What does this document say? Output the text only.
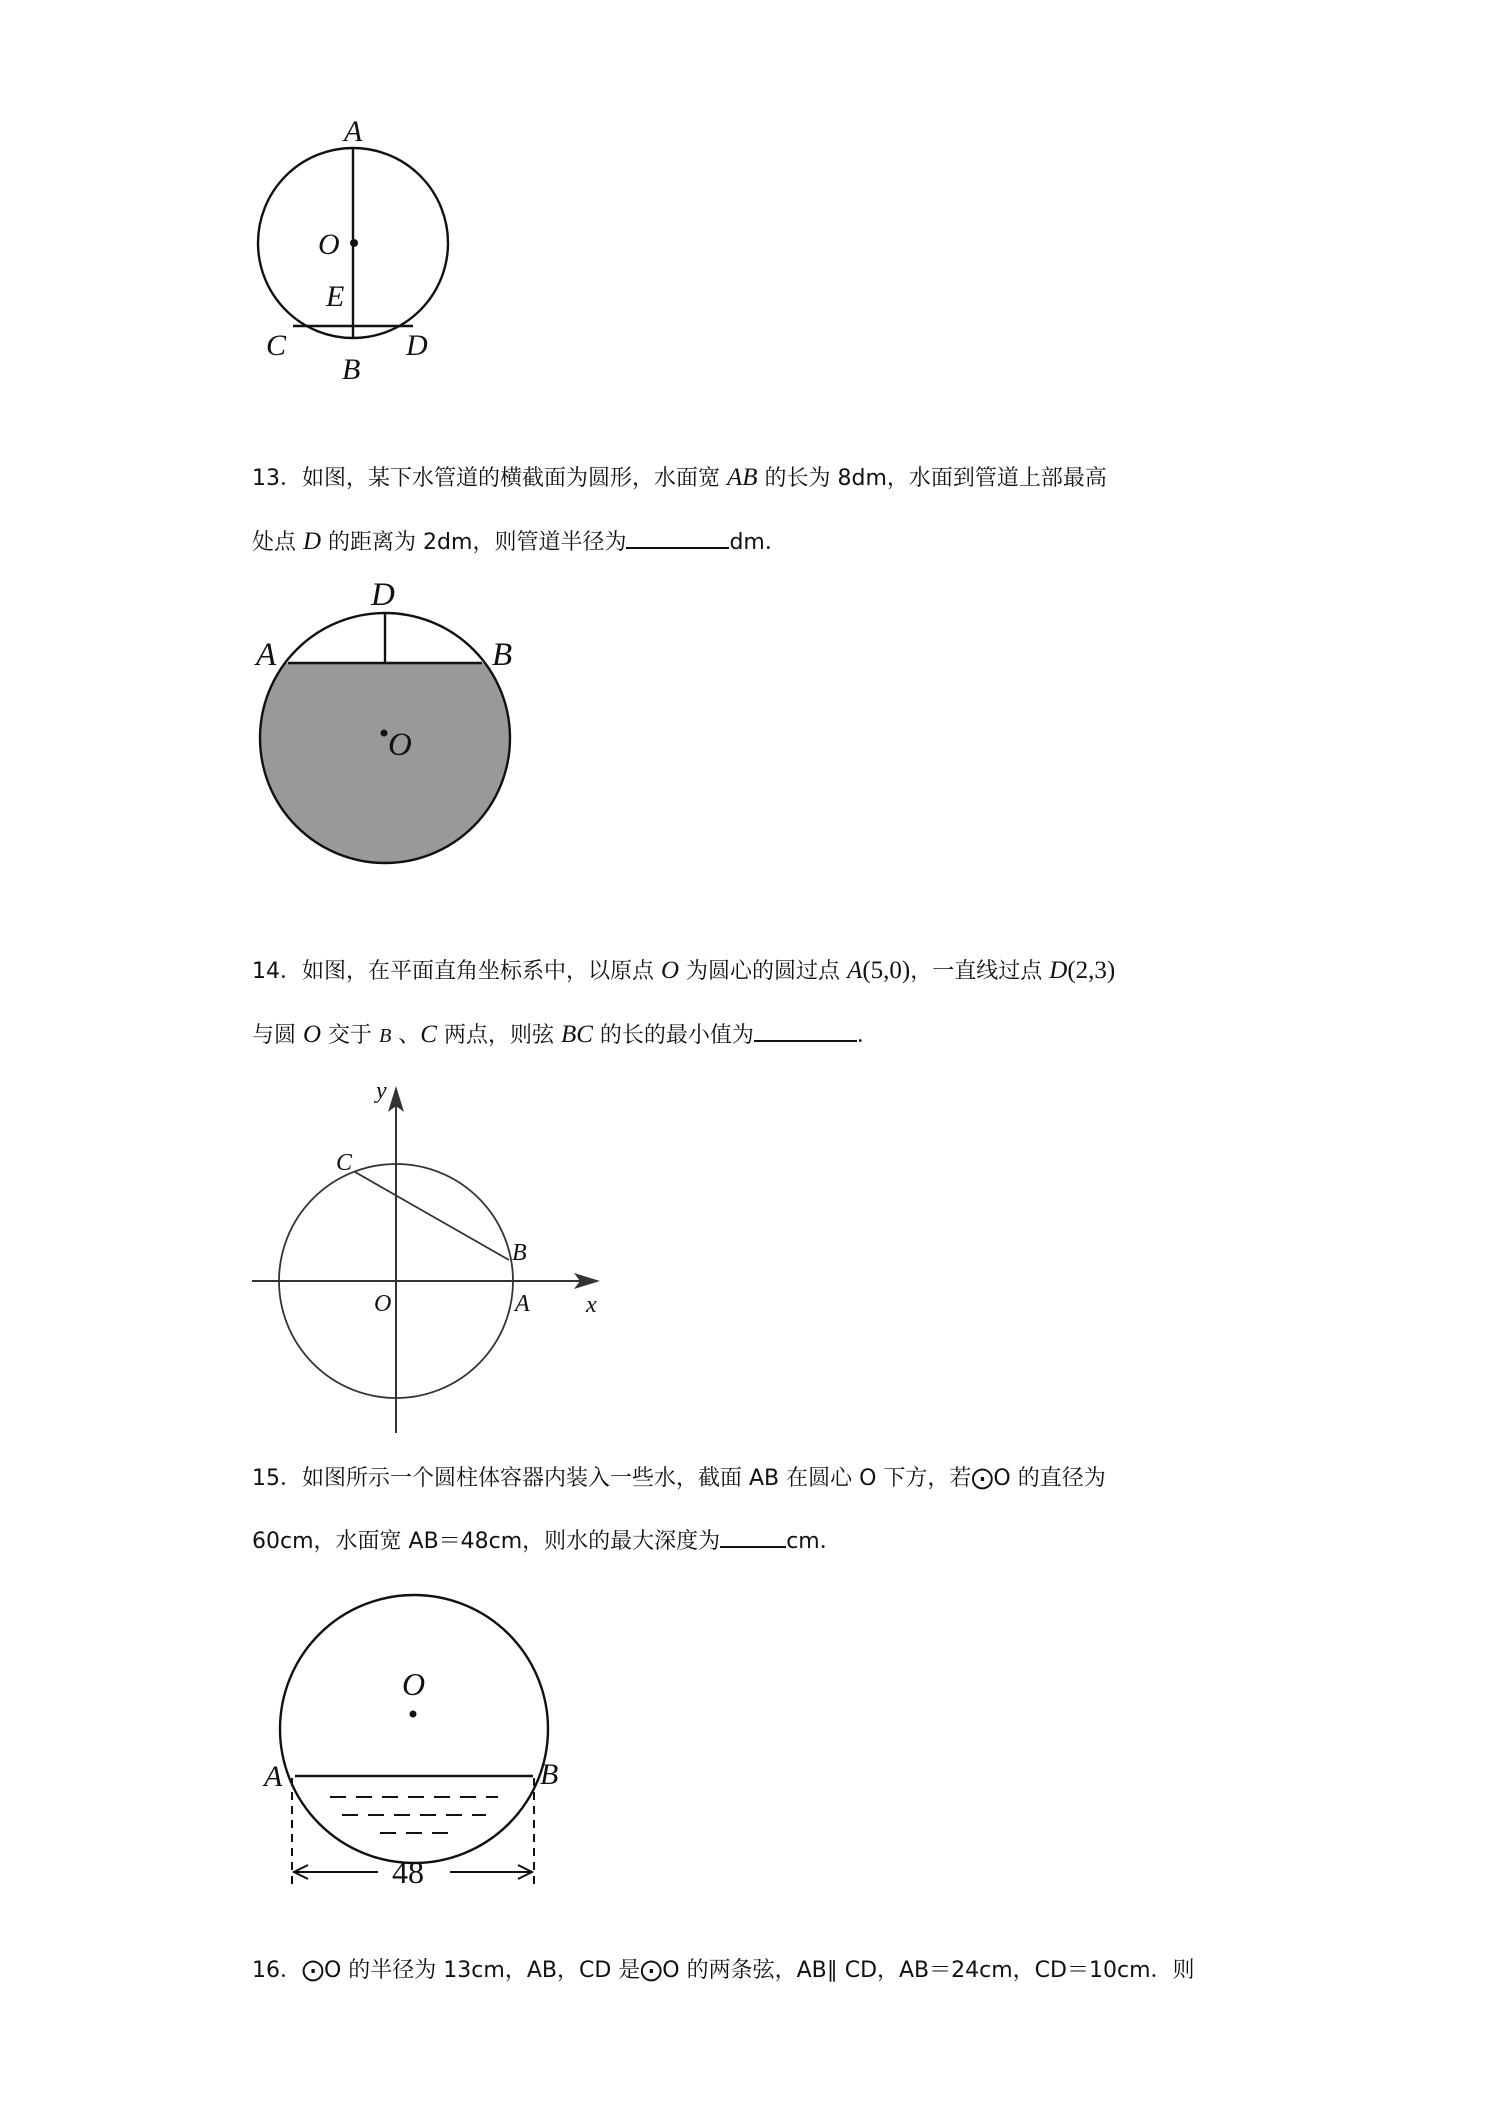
A
O
E
C
B
D
13．如图，某下水管道的横截面为圆形，水面宽 AB 的长为 8dm，水面到管道上部最高
处点 D 的距离为 2dm，则管道半径为	dm．
D
A	B
O
14．如图，在平面直角坐标系中，以原点 O 为圆心的圆过点 A(5,0)，一直线过点 D(2,3)
与圆 O 交于 B 、C 两点，则弦 BC 的长的最小值为	．
y
x
C
B
O	A
15．如图所示一个圆柱体容器内装入一些水，截面 AB 在圆心 O 下方，若⨀O 的直径为
60cm，水面宽 AB＝48cm，则水的最大深度为	cm．
O
A	B
48
16．⨀O 的半径为 13cm，AB，CD 是⨀O 的两条弦，AB∥ CD，AB＝24cm，CD＝10cm．则
